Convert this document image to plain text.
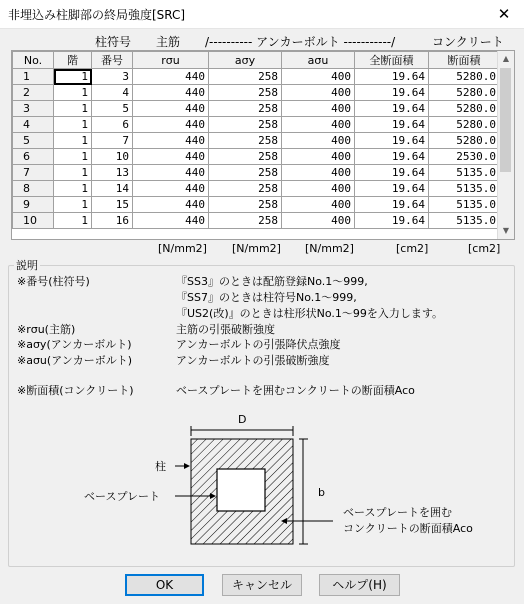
非埋込み柱脚部の終局強度[SRC]	✕
柱符号 主筋 /---------- アンカーボルト -----------/	コンクリート
No.	階	番号	rσu	aσy	aσu	全断面積	断面積
1	1	3	440	258	400	19.64	5280.0
2	1	4	440	258	400	19.64	5280.0
3	1	5	440	258	400	19.64	5280.0
4	1	6	440	258	400	19.64	5280.0
5	1	7	440	258	400	19.64	5280.0
6	1	10	440	258	400	19.64	2530.0
7	1	13	440	258	400	19.64	5135.0
8	1	14	440	258	400	19.64	5135.0
9	1	15	440	258	400	19.64	5135.0
10	1	16	440	258	400	19.64	5135.0
▲
▼
[N/mm2] [N/mm2] [N/mm2]	[cm2]	[cm2]
説明
※番号(柱符号)	『SS3』のときは配筋登録No.1～999,
『SS7』のときは柱符号No.1～999,
『US2(改)』のときは柱形状No.1～99を入力します。
※rσu(主筋)	主筋の引張破断強度
※aσy(アンカーボルト)	アンカーボルトの引張降伏点強度
※aσu(アンカーボルト)	アンカーボルトの引張破断強度
※断面積(コンクリート)	ベースプレートを囲むコンクリートの断面積Aco
D
b
柱
ベースプレート
ベースプレートを囲む
コンクリートの断面積Aco
OK	キャンセル	ヘルプ(H)
